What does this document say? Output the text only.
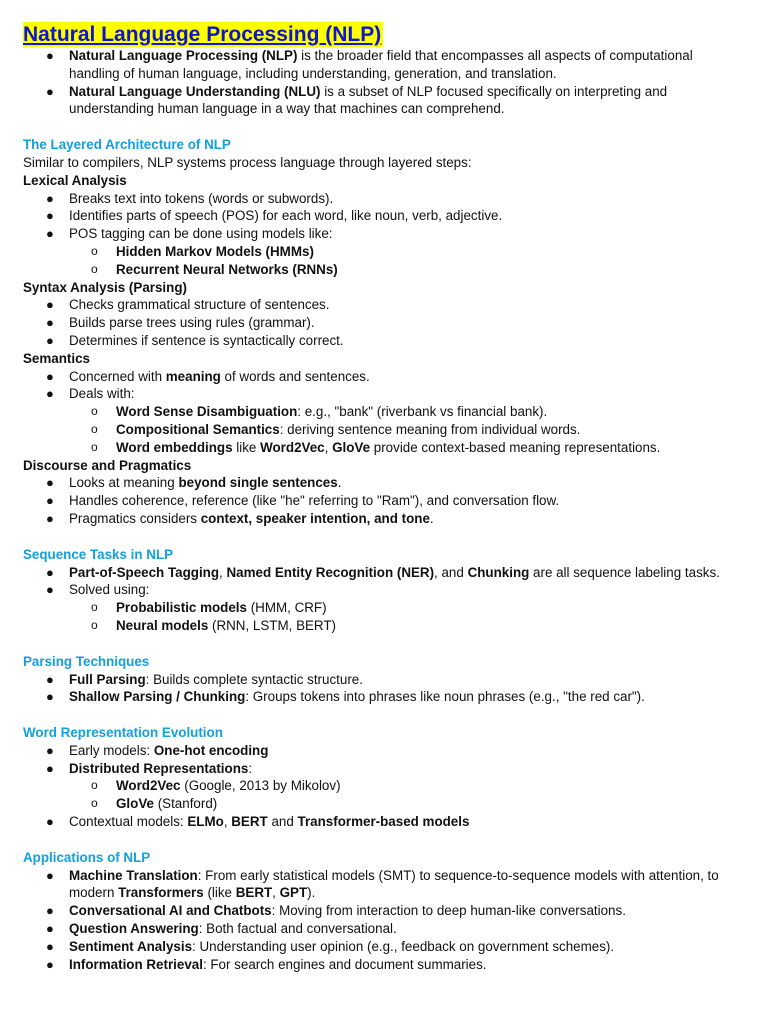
Natural Language Processing (NLP)
● Natural Language Processing (NLP) is the broader field that encompasses all aspects of computational handling of human language, including understanding, generation, and translation.
● Natural Language Understanding (NLU) is a subset of NLP focused specifically on interpreting and understanding human language in a way that machines can comprehend.
The Layered Architecture of NLP
Similar to compilers, NLP systems process language through layered steps:
Lexical Analysis
● Breaks text into tokens (words or subwords).
● Identifies parts of speech (POS) for each word, like noun, verb, adjective.
● POS tagging can be done using models like:
o Hidden Markov Models (HMMs)
o Recurrent Neural Networks (RNNs)
Syntax Analysis (Parsing)
● Checks grammatical structure of sentences.
● Builds parse trees using rules (grammar).
● Determines if sentence is syntactically correct.
Semantics
● Concerned with meaning of words and sentences.
● Deals with:
o Word Sense Disambiguation: e.g., "bank" (riverbank vs financial bank).
o Compositional Semantics: deriving sentence meaning from individual words.
o Word embeddings like Word2Vec, GloVe provide context-based meaning representations.
Discourse and Pragmatics
● Looks at meaning beyond single sentences.
● Handles coherence, reference (like "he" referring to "Ram"), and conversation flow.
● Pragmatics considers context, speaker intention, and tone.
Sequence Tasks in NLP
● Part-of-Speech Tagging, Named Entity Recognition (NER), and Chunking are all sequence labeling tasks.
● Solved using:
o Probabilistic models (HMM, CRF)
o Neural models (RNN, LSTM, BERT)
Parsing Techniques
● Full Parsing: Builds complete syntactic structure.
● Shallow Parsing / Chunking: Groups tokens into phrases like noun phrases (e.g., "the red car").
Word Representation Evolution
● Early models: One-hot encoding
● Distributed Representations:
o Word2Vec (Google, 2013 by Mikolov)
o GloVe (Stanford)
● Contextual models: ELMo, BERT and Transformer-based models
Applications of NLP
● Machine Translation: From early statistical models (SMT) to sequence-to-sequence models with attention, to modern Transformers (like BERT, GPT).
● Conversational AI and Chatbots: Moving from interaction to deep human-like conversations.
● Question Answering: Both factual and conversational.
● Sentiment Analysis: Understanding user opinion (e.g., feedback on government schemes).
● Information Retrieval: For search engines and document summaries.
